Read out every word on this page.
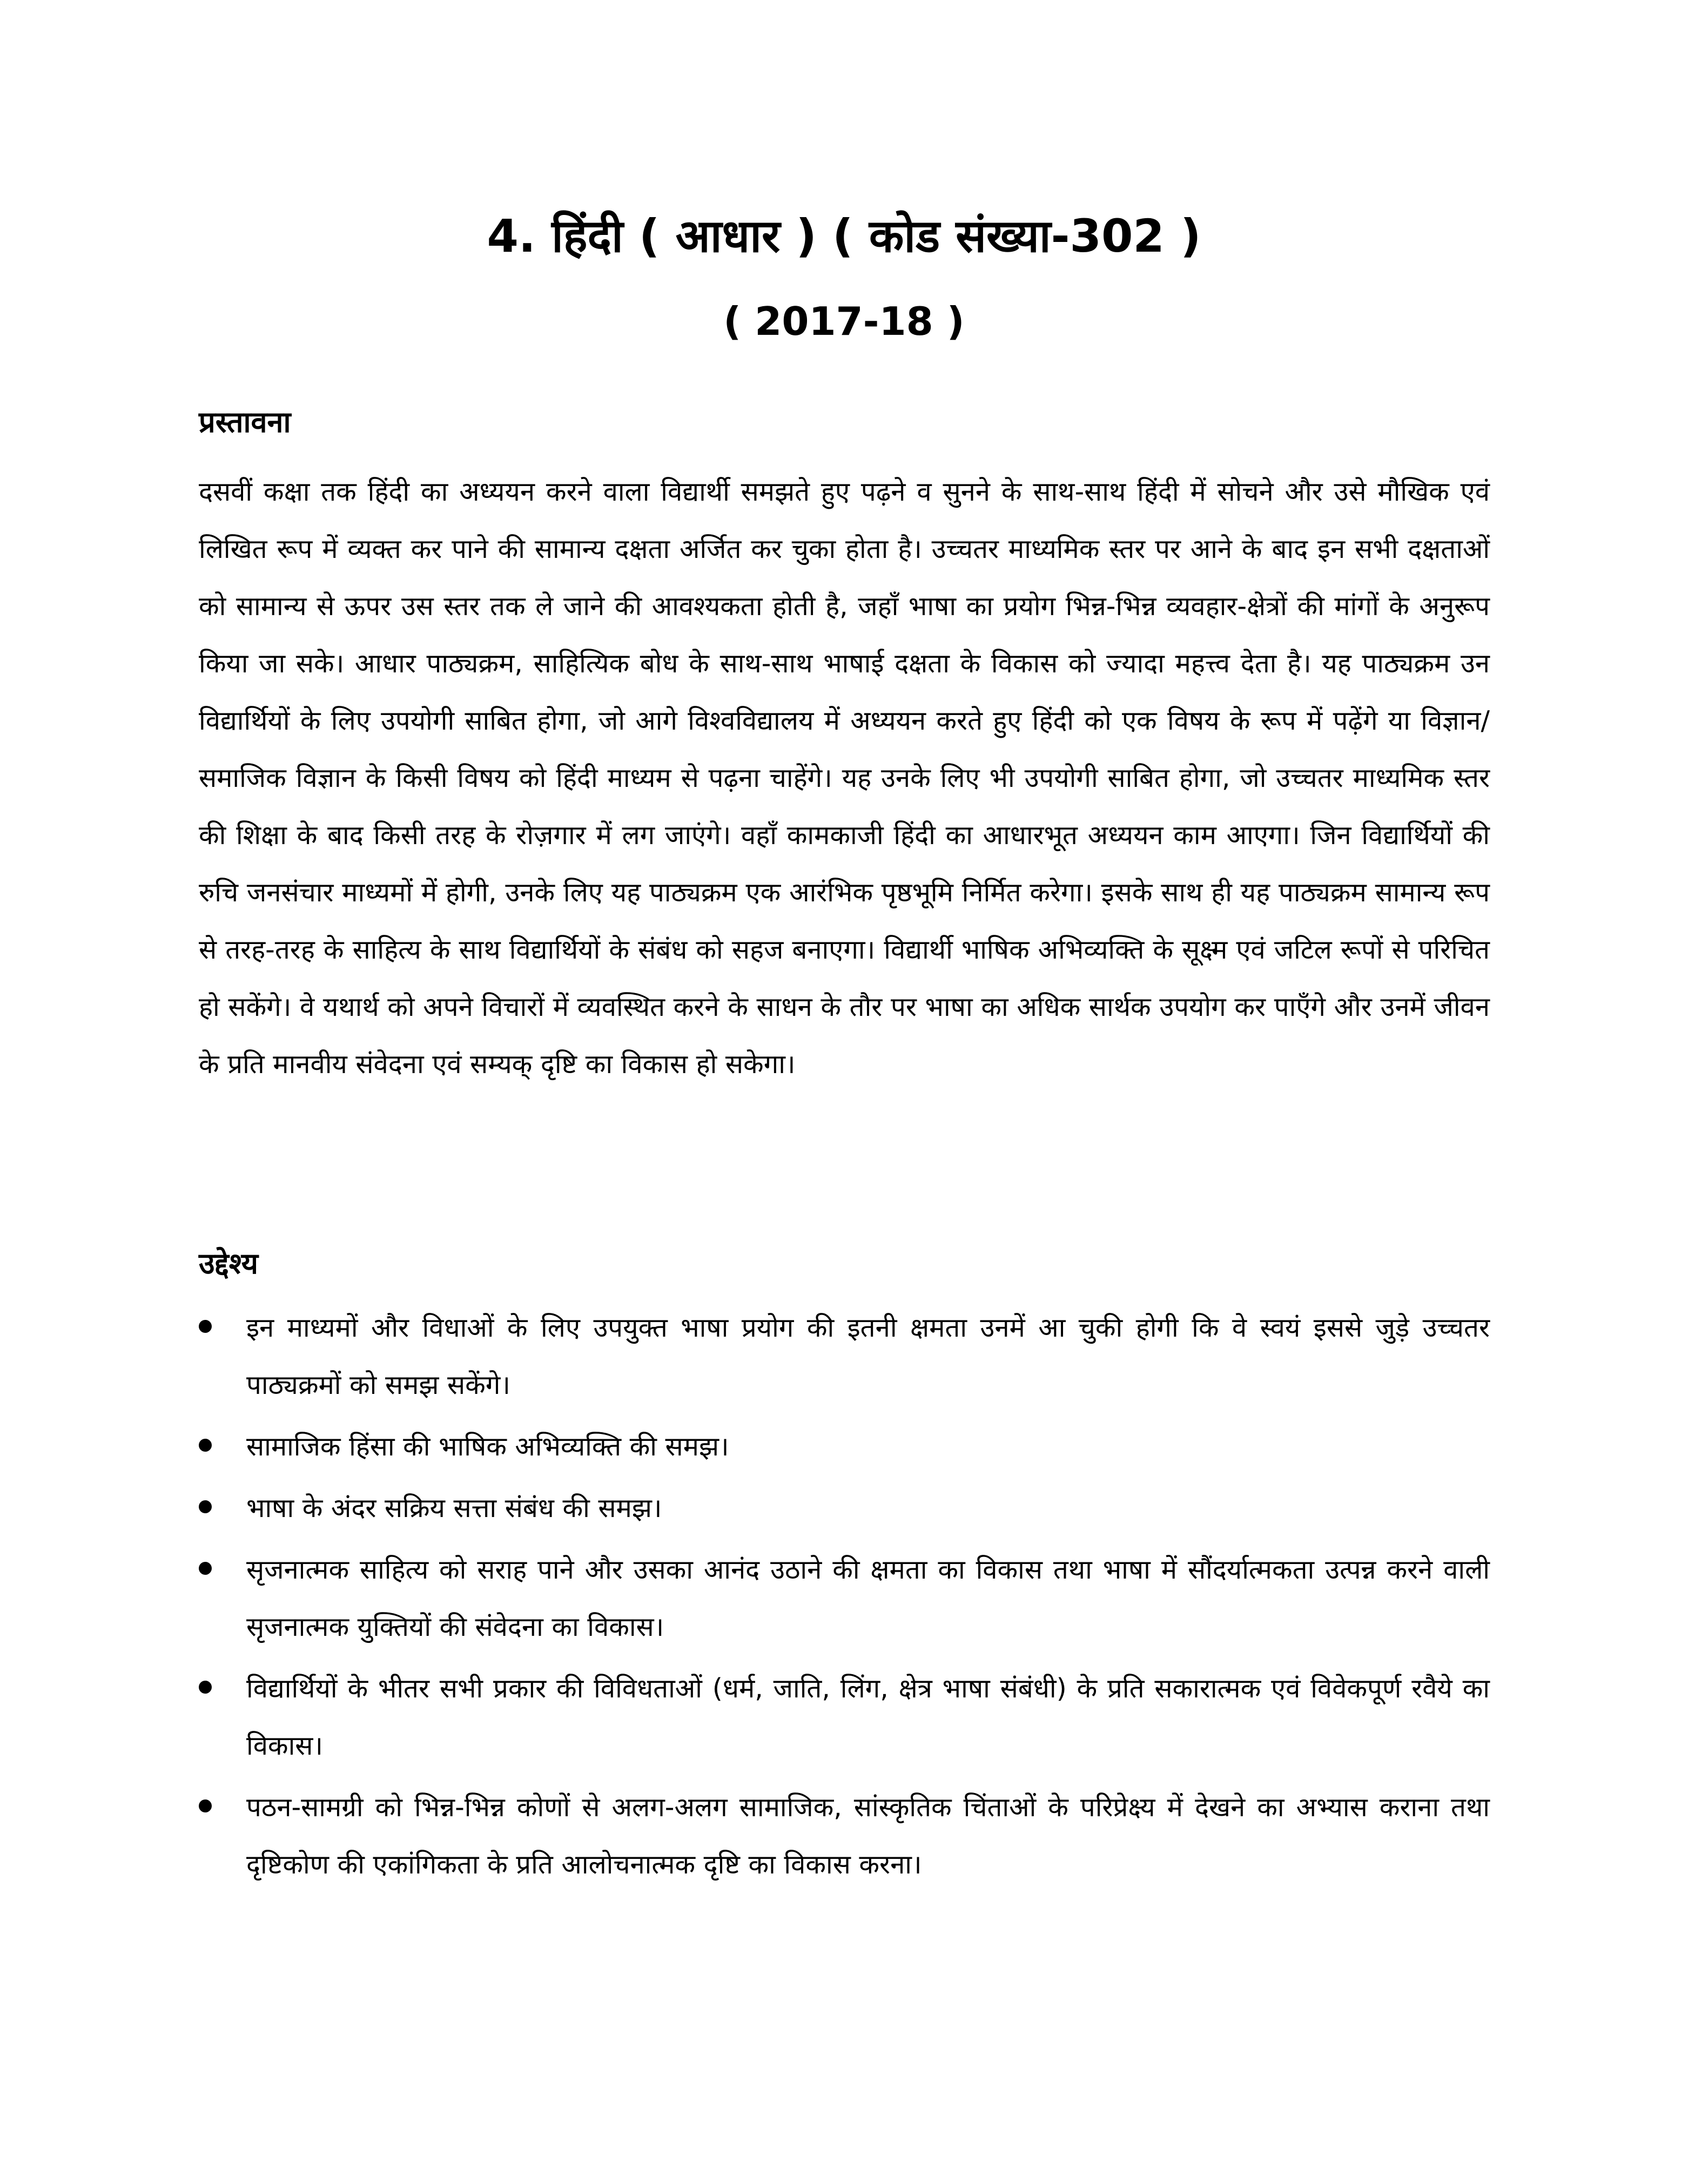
4. हिंदी ( आधार ) ( कोड संख्या-302 )
( 2017-18 )
प्रस्तावना

दसवीं कक्षा तक हिंदी का अध्ययन करने वाला विद्यार्थी समझते हुए पढ़ने व सुनने के साथ-साथ हिंदी में सोचने और उसे मौखिक एवं लिखित रूप में व्यक्त कर पाने की सामान्य दक्षता अर्जित कर चुका होता है। उच्चतर माध्यमिक स्तर पर आने के बाद इन सभी दक्षताओं को सामान्य से ऊपर उस स्तर तक ले जाने की आवश्यकता होती है, जहाँ भाषा का प्रयोग भिन्न-भिन्न व्यवहार-क्षेत्रों की मांगों के अनुरूप किया जा सके। आधार पाठ्यक्रम, साहित्यिक बोध के साथ-साथ भाषाई दक्षता के विकास को ज्यादा महत्त्व देता है। यह पाठ्यक्रम उन विद्यार्थियों के लिए उपयोगी साबित होगा, जो आगे विश्वविद्यालय में अध्ययन करते हुए हिंदी को एक विषय के रूप में पढ़ेंगे या विज्ञान/समाजिक विज्ञान के किसी विषय को हिंदी माध्यम से पढ़ना चाहेंगे। यह उनके लिए भी उपयोगी साबित होगा, जो उच्चतर माध्यमिक स्तर की शिक्षा के बाद किसी तरह के रोज़गार में लग जाएंगे। वहाँ कामकाजी हिंदी का आधारभूत अध्ययन काम आएगा। जिन विद्यार्थियों की रुचि जनसंचार माध्यमों में होगी, उनके लिए यह पाठ्यक्रम एक आरंभिक पृष्ठभूमि निर्मित करेगा। इसके साथ ही यह पाठ्यक्रम सामान्य रूप से तरह-तरह के साहित्य के साथ विद्यार्थियों के संबंध को सहज बनाएगा। विद्यार्थी भाषिक अभिव्यक्ति के सूक्ष्म एवं जटिल रूपों से परिचित हो सकेंगे। वे यथार्थ को अपने विचारों में व्यवस्थित करने के साधन के तौर पर भाषा का अधिक सार्थक उपयोग कर पाएँगे और उनमें जीवन के प्रति मानवीय संवेदना एवं सम्यक् दृष्टि का विकास हो सकेगा।

उद्देश्य
इन माध्यमों और विधाओं के लिए उपयुक्त भाषा प्रयोग की इतनी क्षमता उनमें आ चुकी होगी कि वे स्वयं इससे जुड़े उच्चतर पाठ्यक्रमों को समझ सकेंगे।
सामाजिक हिंसा की भाषिक अभिव्यक्ति की समझ।
भाषा के अंदर सक्रिय सत्ता संबंध की समझ।
सृजनात्मक साहित्य को सराह पाने और उसका आनंद उठाने की क्षमता का विकास तथा भाषा में सौंदर्यात्मकता उत्पन्न करने वाली सृजनात्मक युक्तियों की संवेदना का विकास।
विद्यार्थियों के भीतर सभी प्रकार की विविधताओं (धर्म, जाति, लिंग, क्षेत्र भाषा संबंधी) के प्रति सकारात्मक एवं विवेकपूर्ण रवैये का विकास।
पठन-सामग्री को भिन्न-भिन्न कोणों से अलग-अलग सामाजिक, सांस्कृतिक चिंताओं के परिप्रेक्ष्य में देखने का अभ्यास कराना तथा दृष्टिकोण की एकांगिकता के प्रति आलोचनात्मक दृष्टि का विकास करना।
